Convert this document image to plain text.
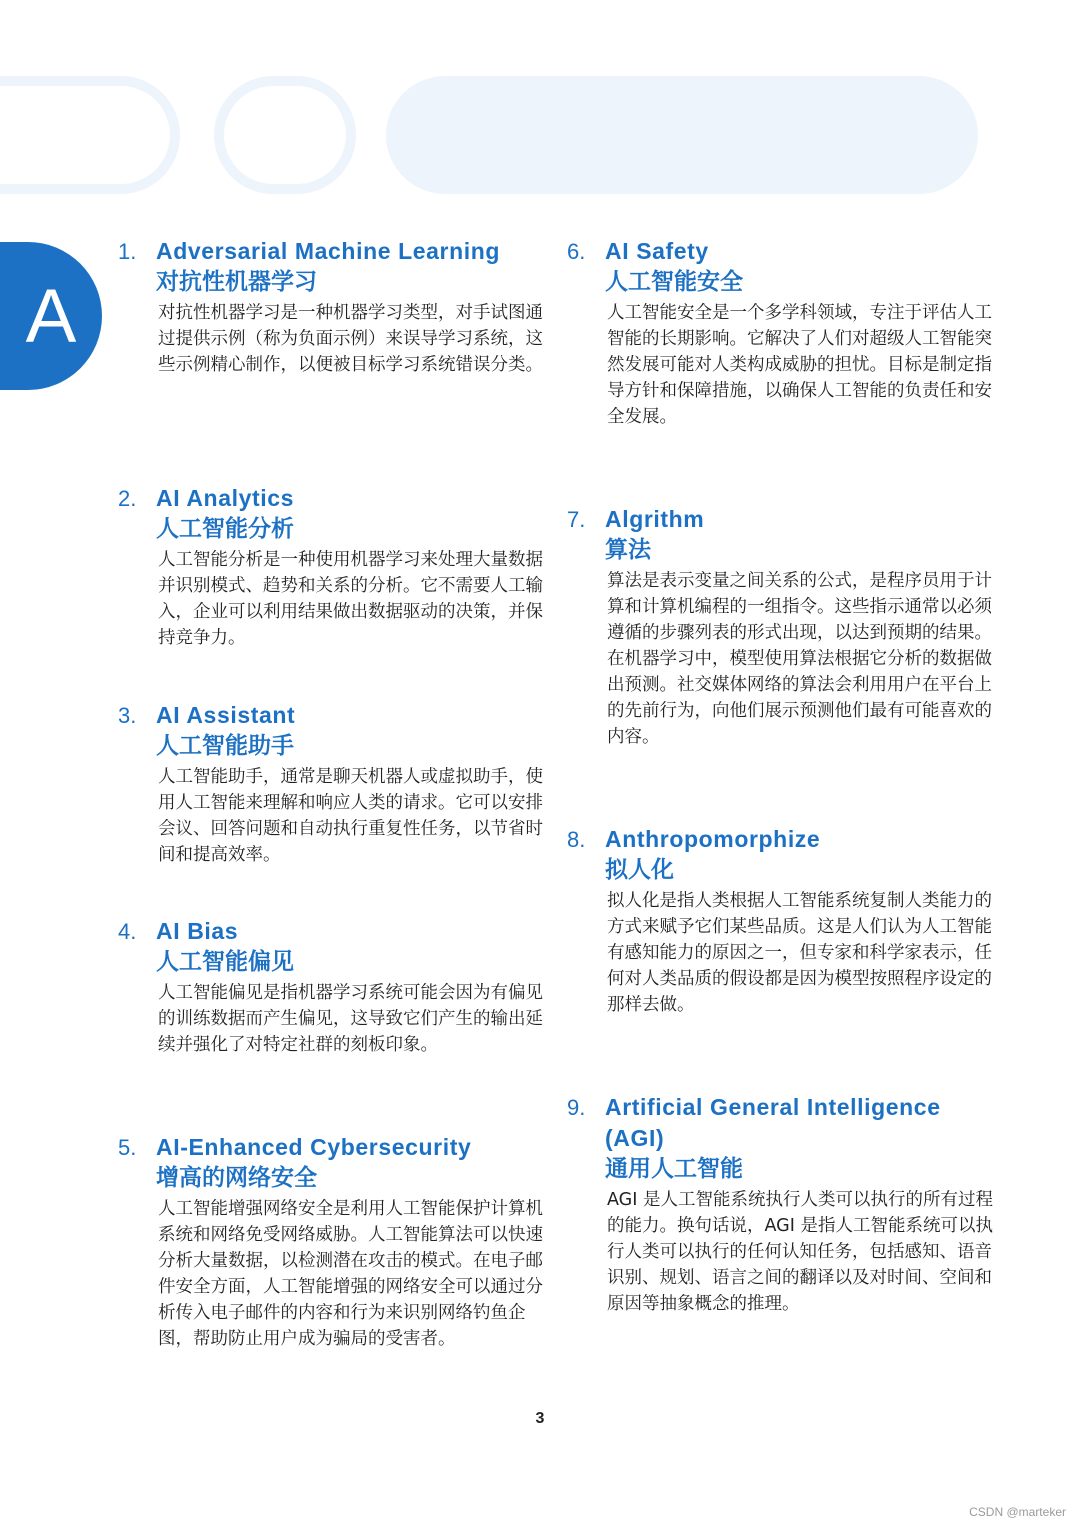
A
1. Adversarial Machine Learning
对抗性机器学习
对抗性机器学习是一种机器学习类型，对手试图通过提供示例（称为负面示例）来误导学习系统，这些示例精心制作，以便被目标学习系统错误分类。
2. AI Analytics
人工智能分析
人工智能分析是一种使用机器学习来处理大量数据并识别模式、趋势和关系的分析。它不需要人工输入，企业可以利用结果做出数据驱动的决策，并保持竞争力。
3. AI Assistant
人工智能助手
人工智能助手，通常是聊天机器人或虚拟助手，使用人工智能来理解和响应人类的请求。它可以安排会议、回答问题和自动执行重复性任务，以节省时间和提高效率。
4. AI Bias
人工智能偏见
人工智能偏见是指机器学习系统可能会因为有偏见的训练数据而产生偏见，这导致它们产生的输出延续并强化了对特定社群的刻板印象。
5. AI-Enhanced Cybersecurity
增高的网络安全
人工智能增强网络安全是利用人工智能保护计算机系统和网络免受网络威胁。人工智能算法可以快速分析大量数据，以检测潜在攻击的模式。在电子邮件安全方面，人工智能增强的网络安全可以通过分析传入电子邮件的内容和行为来识别网络钓鱼企图，帮助防止用户成为骗局的受害者。
6. AI Safety
人工智能安全
人工智能安全是一个多学科领域，专注于评估人工智能的长期影响。它解决了人们对超级人工智能突然发展可能对人类构成威胁的担忧。目标是制定指导方针和保障措施，以确保人工智能的负责任和安全发展。
7. Algrithm
算法
算法是表示变量之间关系的公式，是程序员用于计算和计算机编程的一组指令。这些指示通常以必须遵循的步骤列表的形式出现，以达到预期的结果。在机器学习中，模型使用算法根据它分析的数据做出预测。社交媒体网络的算法会利用用户在平台上的先前行为，向他们展示预测他们最有可能喜欢的内容。
8. Anthropomorphize
拟人化
拟人化是指人类根据人工智能系统复制人类能力的方式来赋予它们某些品质。这是人们认为人工智能有感知能力的原因之一，但专家和科学家表示，任何对人类品质的假设都是因为模型按照程序设定的那样去做。
9. Artificial General Intelligence (AGI)
通用人工智能
AGI 是人工智能系统执行人类可以执行的所有过程的能力。换句话说，AGI 是指人工智能系统可以执行人类可以执行的任何认知任务，包括感知、语音识别、规划、语言之间的翻译以及对时间、空间和原因等抽象概念的推理。
3
CSDN @marteker
